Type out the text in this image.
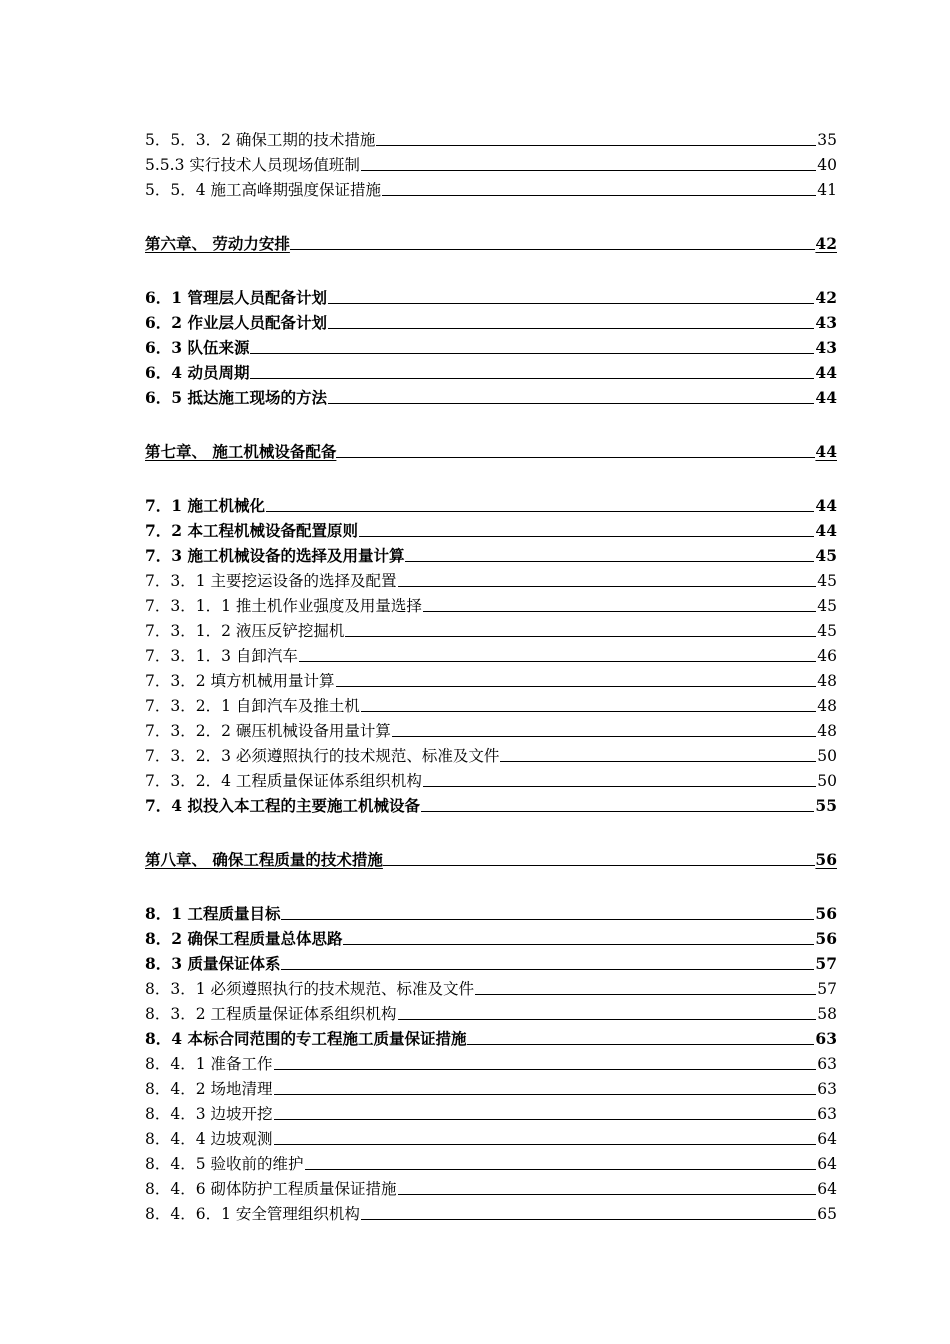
5．5．3．2 确保工期的技术措施	35
5.5.3 实行技术人员现场值班制	40
5．5．4 施工高峰期强度保证措施	41
第六章、 劳动力安排	42
6．1 管理层人员配备计划	42
6．2 作业层人员配备计划	43
6．3 队伍来源	43
6．4 动员周期	44
6．5 抵达施工现场的方法	44
第七章、 施工机械设备配备	44
7．1 施工机械化	44
7．2 本工程机械设备配置原则	44
7．3 施工机械设备的选择及用量计算	45
7．3．1 主要挖运设备的选择及配置	45
7．3．1．1 推土机作业强度及用量选择	45
7．3．1．2 液压反铲挖掘机	45
7．3．1．3 自卸汽车	46
7．3．2 填方机械用量计算	48
7．3．2．1 自卸汽车及推土机	48
7．3．2．2 碾压机械设备用量计算	48
7．3．2．3 必须遵照执行的技术规范、标准及文件	50
7．3．2．4 工程质量保证体系组织机构	50
7．4 拟投入本工程的主要施工机械设备	55
第八章、 确保工程质量的技术措施	56
8．1 工程质量目标	56
8．2 确保工程质量总体思路	56
8．3 质量保证体系	57
8．3．1 必须遵照执行的技术规范、标准及文件	57
8．3．2 工程质量保证体系组织机构	58
8．4 本标合同范围的专工程施工质量保证措施	63
8．4．1 准备工作	63
8．4．2 场地清理	63
8．4．3 边坡开挖	63
8．4．4 边坡观测	64
8．4．5 验收前的维护	64
8．4．6 砌体防护工程质量保证措施	64
8．4．6．1 安全管理组织机构	65
